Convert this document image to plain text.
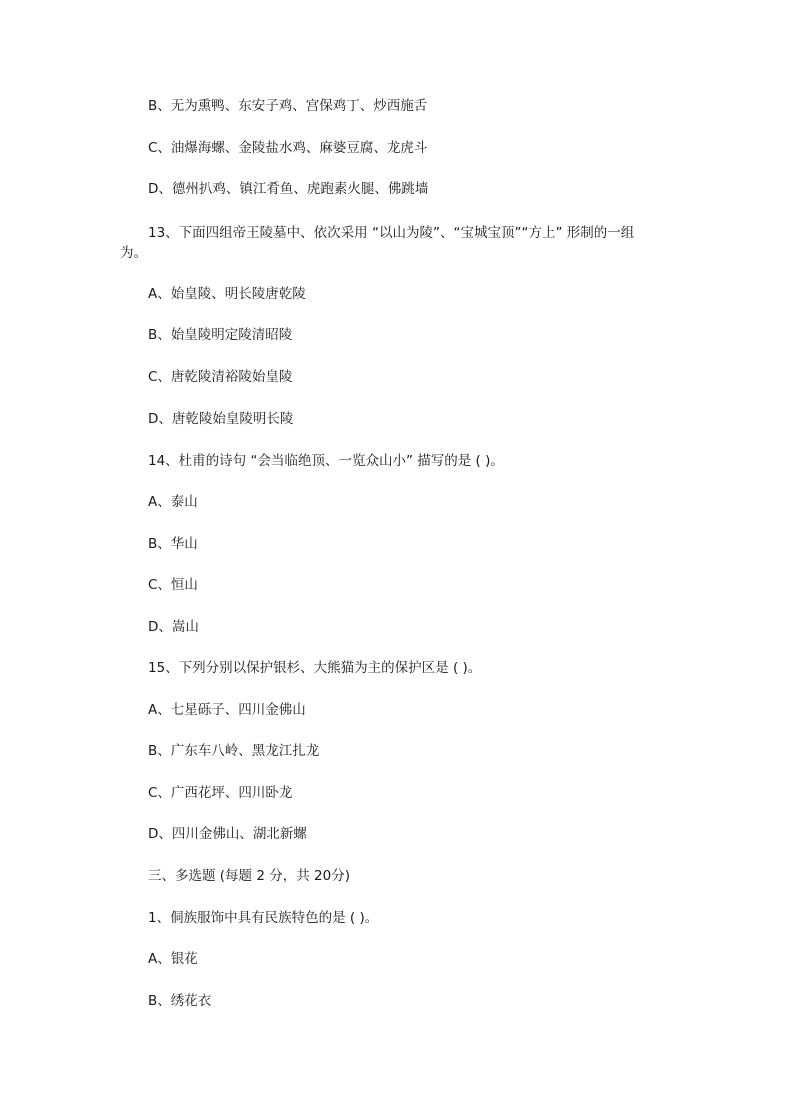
B、无为熏鸭、东安子鸡、宫保鸡丁、炒西施舌
C、油爆海螺、金陵盐水鸡、麻婆豆腐、龙虎斗
D、德州扒鸡、镇江肴鱼、虎跑素火腿、佛跳墙
13、下面四组帝王陵墓中、依次采用 “以山为陵”、“宝城宝顶”“方上” 形制的一组
为。
A、始皇陵、明长陵唐乾陵
B、始皇陵明定陵清昭陵
C、唐乾陵清裕陵始皇陵
D、唐乾陵始皇陵明长陵
14、杜甫的诗句 “会当临绝顶、一览众山小” 描写的是 ( )。
A、泰山
B、华山
C、恒山
D、嵩山
15、下列分别以保护银杉、大熊猫为主的保护区是 ( )。
A、七星砾子、四川金佛山
B、广东车八岭、黑龙江扎龙
C、广西花坪、四川卧龙
D、四川金佛山、湖北新螺
三、多选题 (每题 2 分，共 20分)
1、侗族服饰中具有民族特色的是 ( )。
A、银花
B、绣花衣
